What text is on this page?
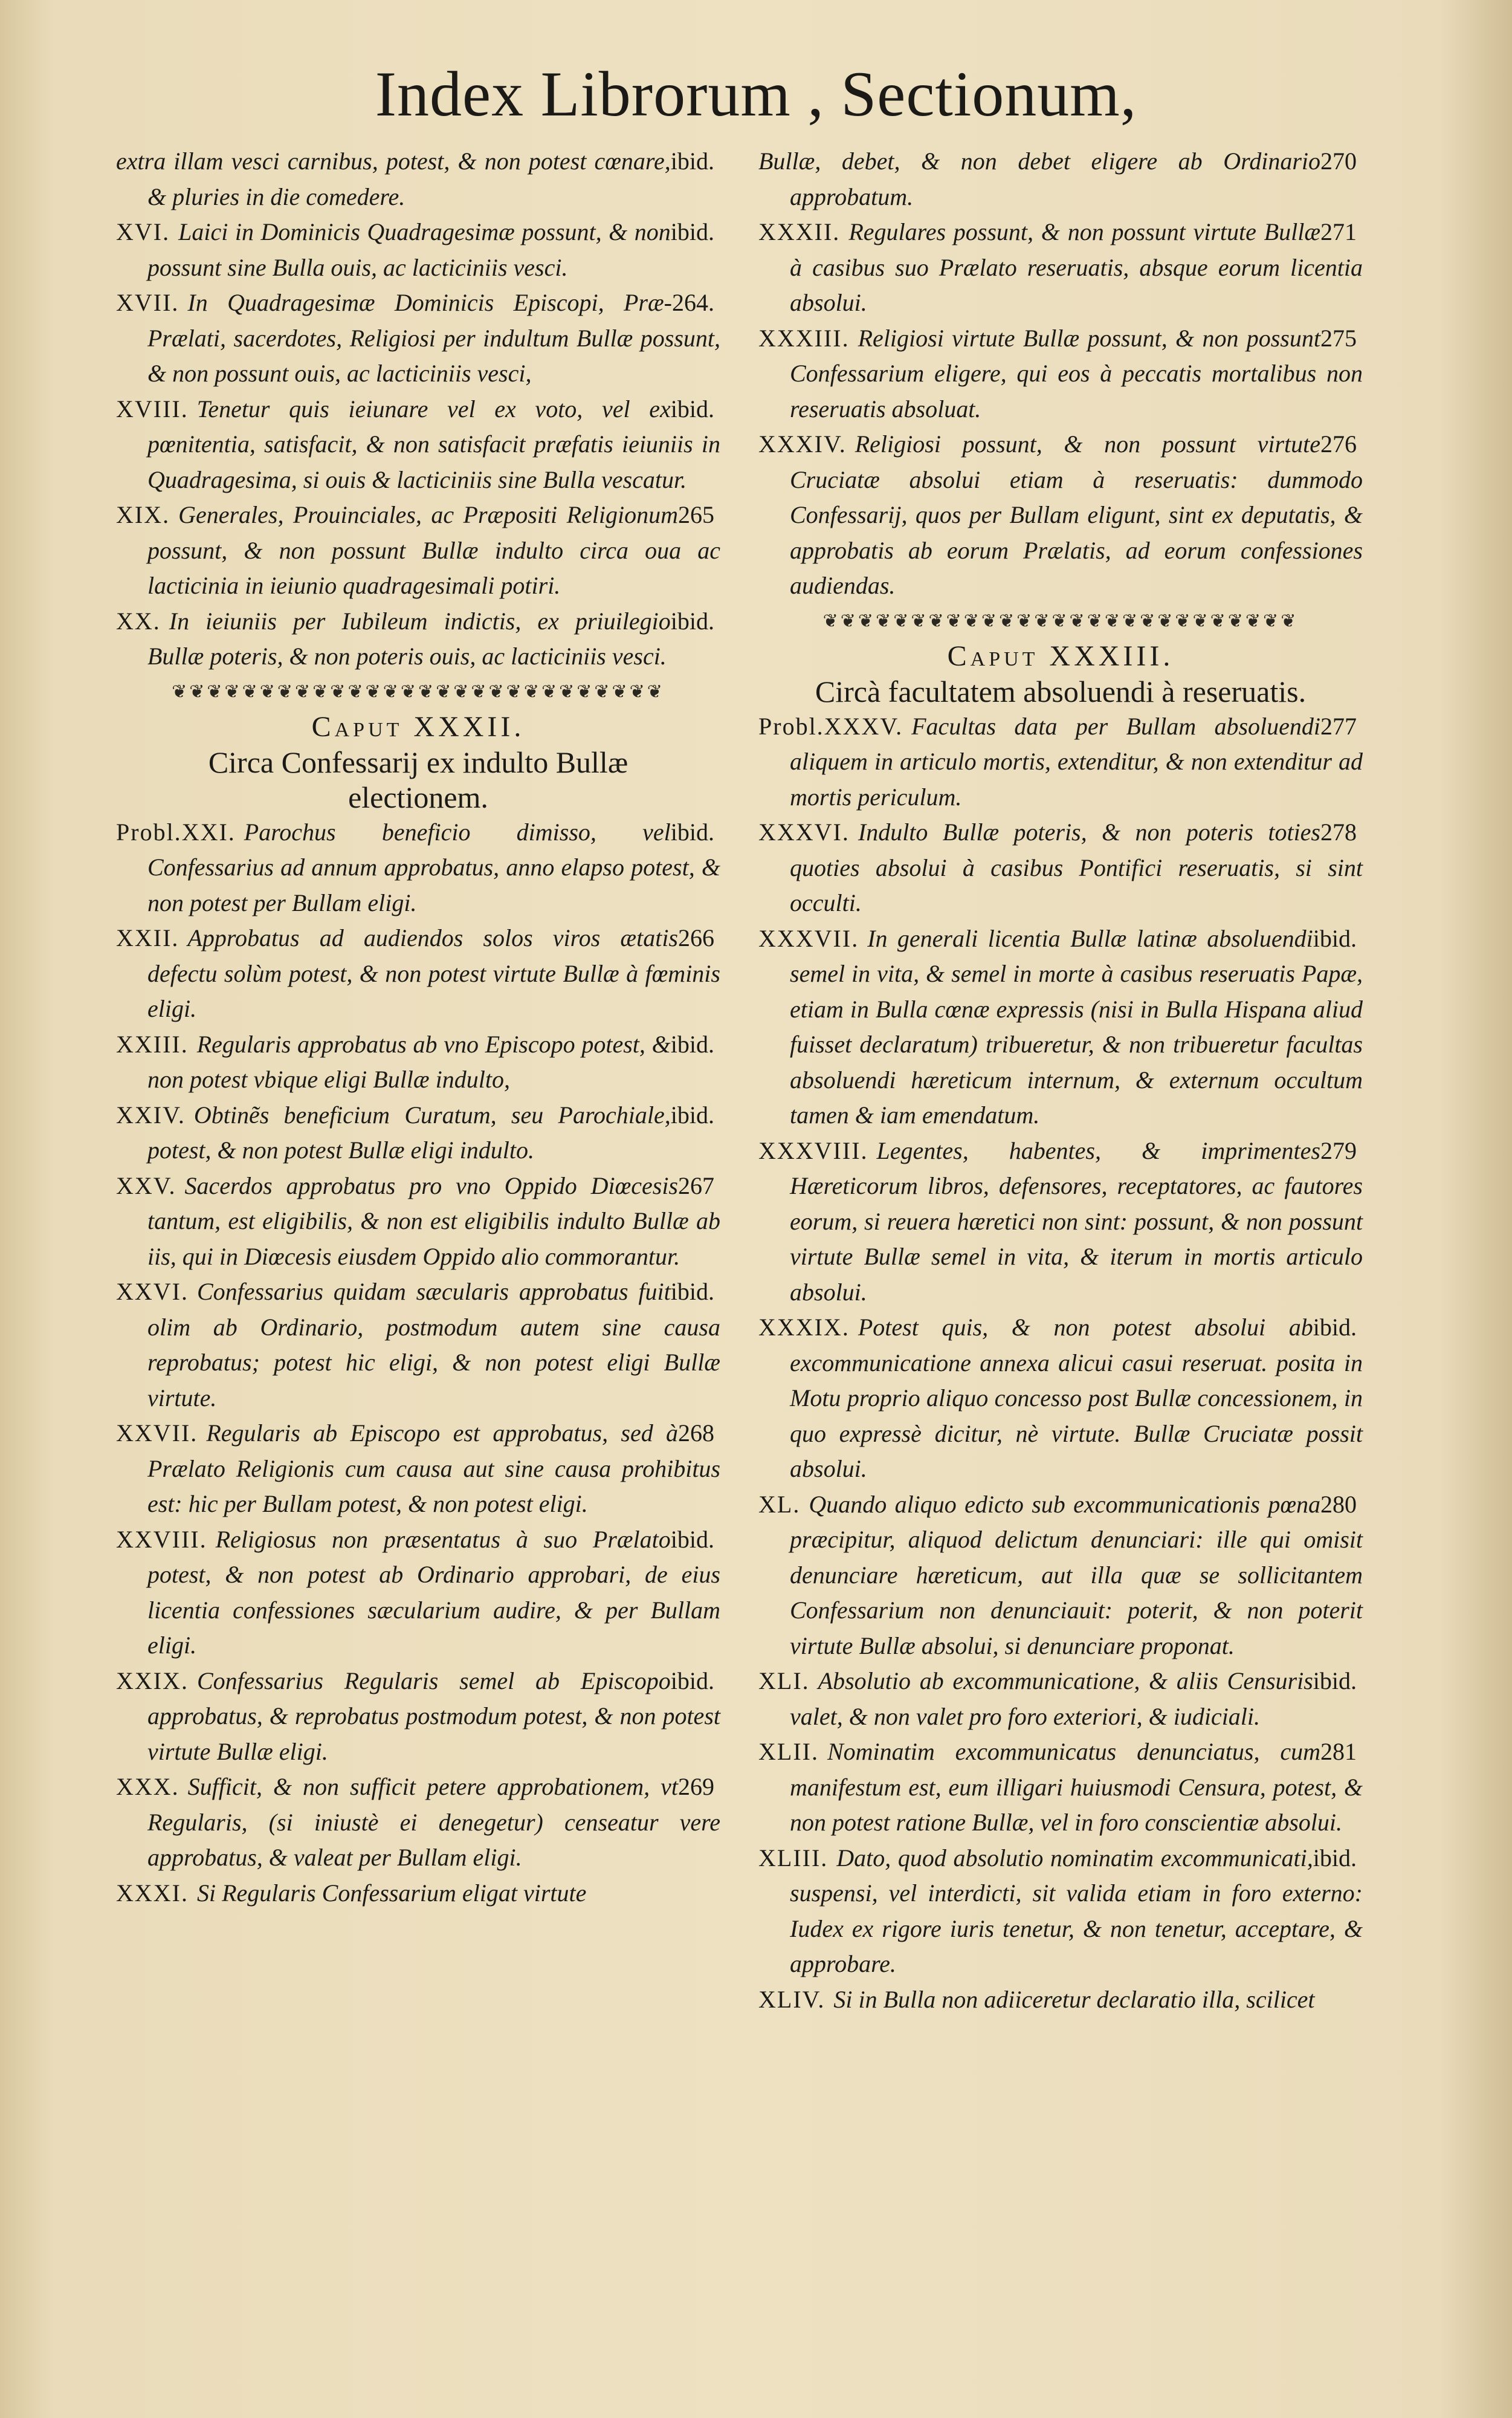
Index Librorum , Sectionum,

ibid.
extra illam vesci carnibus, potest, & non potest cœnare, & pluries in die comedere.

ibid.
XVI. Laici in Dominicis Quadragesimæ possunt, & non possunt sine Bulla ouis, ac lacticiniis vesci.

264.
XVII. In Quadragesimæ Dominicis Episcopi, Præ-Prælati, sacerdotes, Religiosi per indultum Bullæ possunt, & non possunt ouis, ac lacticiniis vesci,

ibid.
XVIII. Tenetur quis ieiunare vel ex voto, vel ex pœnitentia, satisfacit, & non satisfacit præfatis ieiuniis in Quadragesima, si ouis & lacticiniis sine Bulla vescatur.

265
XIX. Generales, Prouinciales, ac Præpositi Religionum possunt, & non possunt Bullæ indulto circa oua ac lacticinia in ieiunio quadragesimali potiri.

ibid.
XX. In ieiuniis per Iubileum indictis, ex priuilegio Bullæ poteris, & non poteris ouis, ac lacticiniis vesci.

❦❦❦❦❦❦❦❦❦❦❦❦❦❦❦❦❦❦❦❦❦❦❦❦❦❦❦❦
Caput XXXII.
Circa Confessarij ex indulto Bullæ
electionem.

ibid.
Probl.XXI. Parochus beneficio dimisso, vel Confessarius ad annum approbatus, anno elapso potest, & non potest per Bullam eligi.

266
XXII. Approbatus ad audiendos solos viros ætatis defectu solùm potest, & non potest virtute Bullæ à fœminis eligi.

ibid.
XXIII. Regularis approbatus ab vno Episcopo potest, & non potest vbique eligi Bullæ indulto,

ibid.
XXIV. Obtinẽs beneficium Curatum, seu Parochiale, potest, & non potest Bullæ eligi indulto.

267
XXV. Sacerdos approbatus pro vno Oppido Diœcesis tantum, est eligibilis, & non est eligibilis indulto Bullæ ab iis, qui in Diœcesis eiusdem Oppido alio commorantur.

ibid.
XXVI. Confessarius quidam sæcularis approbatus fuit olim ab Ordinario, postmodum autem sine causa reprobatus; potest hic eligi, & non potest eligi Bullæ virtute.

268
XXVII. Regularis ab Episcopo est approbatus, sed à Prælato Religionis cum causa aut sine causa prohibitus est: hic per Bullam potest, & non potest eligi.

ibid.
XXVIII. Religiosus non præsentatus à suo Prælato potest, & non potest ab Ordinario approbari, de eius licentia confessiones sæcularium audire, & per Bullam eligi.

ibid.
XXIX. Confessarius Regularis semel ab Episcopo approbatus, & reprobatus postmodum potest, & non potest virtute Bullæ eligi.

269
XXX. Sufficit, & non sufficit petere approbationem, vt Regularis, (si iniustè ei denegetur) censeatur vere approbatus, & valeat per Bullam eligi.

XXXI. Si Regularis Confessarium eligat virtute

270
Bullæ, debet, & non debet eligere ab Ordinario approbatum.

271
XXXII. Regulares possunt, & non possunt virtute Bullæ à casibus suo Prælato reseruatis, absque eorum licentia absolui.

275
XXXIII. Religiosi virtute Bullæ possunt, & non possunt Confessarium eligere, qui eos à peccatis mortalibus non reseruatis absoluat.

276
XXXIV. Religiosi possunt, & non possunt virtute Cruciatæ absolui etiam à reseruatis: dummodo Confessarij, quos per Bullam eligunt, sint ex deputatis, & approbatis ab eorum Prælatis, ad eorum confessiones audiendas.

❦❦❦❦❦❦❦❦❦❦❦❦❦❦❦❦❦❦❦❦❦❦❦❦❦❦❦
Caput XXXIII.
Circà facultatem absoluendi à reseruatis.

277
Probl.XXXV. Facultas data per Bullam absoluendi aliquem in articulo mortis, extenditur, & non extenditur ad mortis periculum.

278
XXXVI. Indulto Bullæ poteris, & non poteris toties quoties absolui à casibus Pontifici reseruatis, si sint occulti.

ibid.
XXXVII. In generali licentia Bullæ latinæ absoluendi semel in vita, & semel in morte à casibus reseruatis Papæ, etiam in Bulla cœnæ expressis (nisi in Bulla Hispana aliud fuisset declaratum) tribueretur, & non tribueretur facultas absoluendi hæreticum internum, & externum occultum tamen & iam emendatum.

279
XXXVIII. Legentes, habentes, & imprimentes Hæreticorum libros, defensores, receptatores, ac fautores eorum, si reuera hæretici non sint: possunt, & non possunt virtute Bullæ semel in vita, & iterum in mortis articulo absolui.

ibid.
XXXIX. Potest quis, & non potest absolui ab excommunicatione annexa alicui casui reseruat. posita in Motu proprio aliquo concesso post Bullæ concessionem, in quo expressè dicitur, nè virtute. Bullæ Cruciatæ possit absolui.

280
XL. Quando aliquo edicto sub excommunicationis pœna præcipitur, aliquod delictum denunciari: ille qui omisit denunciare hæreticum, aut illa quæ se sollicitantem Confessarium non denunciauit: poterit, & non poterit virtute Bullæ absolui, si denunciare proponat.

ibid.
XLI. Absolutio ab excommunicatione, & aliis Censuris valet, & non valet pro foro exteriori, & iudiciali.

281
XLII. Nominatim excommunicatus denunciatus, cum manifestum est, eum illigari huiusmodi Censura, potest, & non potest ratione Bullæ, vel in foro conscientiæ absolui.

ibid.
XLIII. Dato, quod absolutio nominatim excommunicati, suspensi, vel interdicti, sit valida etiam in foro externo: Iudex ex rigore iuris tenetur, & non tenetur, acceptare, & approbare.

XLIV. Si in Bulla non adiiceretur declaratio illa, scilicet
